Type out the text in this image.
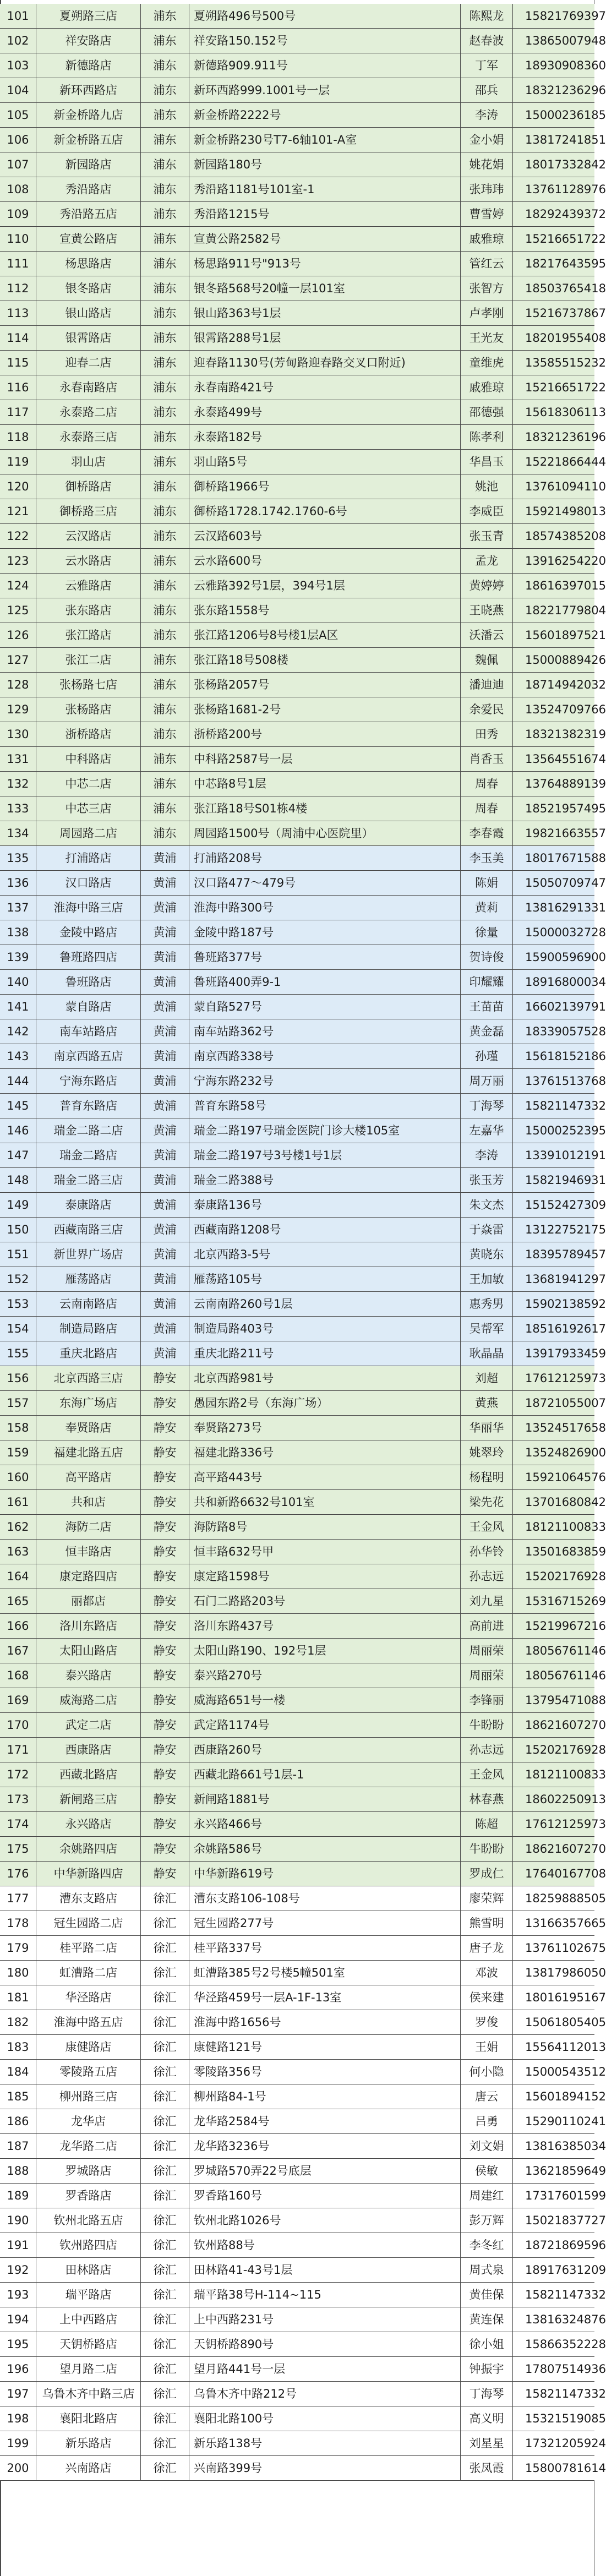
101	夏朔路三店	浦东	夏朔路496号500号	陈熙龙	15821769397
102	祥安路店	浦东	祥安路150.152号	赵春波	13865007948
103	新德路店	浦东	新德路909.911号	丁军	18930908360
104	新环西路店	浦东	新环西路999.1001号一层	邵兵	18321236296
105	新金桥路九店	浦东	新金桥路2222号	李涛	15000236185
106	新金桥路五店	浦东	新金桥路230号T7-6轴101-A室	金小娟	13817241851
107	新园路店	浦东	新园路180号	姚花娟	18017332842
108	秀沿路店	浦东	秀沿路1181号101室-1	张玮玮	13761128976
109	秀沿路五店	浦东	秀沿路1215号	曹雪婷	18292439372
110	宣黄公路店	浦东	宣黄公路2582号	戚雅琼	15216651722
111	杨思路店	浦东	杨思路911号"913号	管红云	18217643595
112	银冬路店	浦东	银冬路568号20幢一层101室	张智方	18503765418
113	银山路店	浦东	银山路363号1层	卢孝刚	15216737867
114	银霄路店	浦东	银霄路288号1层	王光友	18201955408
115	迎春二店	浦东	迎春路1130号(芳甸路迎春路交叉口附近)	童维虎	13585515232
116	永春南路店	浦东	永春南路421号	戚雅琼	15216651722
117	永泰路二店	浦东	永泰路499号	邵德强	15618306113
118	永泰路三店	浦东	永泰路182号	陈孝利	18321236196
119	羽山店	浦东	羽山路5号	华昌玉	15221866444
120	御桥路店	浦东	御桥路1966号	姚池	13761094110
121	御桥路三店	浦东	御桥路1728.1742.1760-6号	李威臣	15921498013
122	云汉路店	浦东	云汉路603号	张玉青	18574385208
123	云水路店	浦东	云水路600号	孟龙	13916254220
124	云雅路店	浦东	云雅路392号1层，394号1层	黄婷婷	18616397015
125	张东路店	浦东	张东路1558号	王晓燕	18221779804
126	张江路店	浦东	张江路1206号8号楼1层A区	沃潘云	15601897521
127	张江二店	浦东	张江路18号508楼	魏佩	15000889426
128	张杨路七店	浦东	张杨路2057号	潘迪迪	18714942032
129	张杨路店	浦东	张杨路1681-2号	余爱民	13524709766
130	浙桥路店	浦东	浙桥路200号	田秀	18321382319
131	中科路店	浦东	中科路2587号一层	肖香玉	13564551674
132	中芯二店	浦东	中芯路8号1层	周春	13764889139
133	中芯三店	浦东	张江路18号S01栋4楼	周春	18521957495
134	周园路二店	浦东	周园路1500号（周浦中心医院里）	李春霞	19821663557
135	打浦路店	黄浦	打浦路208号	李玉美	18017671588
136	汉口路店	黄浦	汉口路477～479号	陈娟	15050709747
137	淮海中路三店	黄浦	淮海中路300号	黄莉	13816291331
138	金陵中路店	黄浦	金陵中路187号	徐量	15000032728
139	鲁班路四店	黄浦	鲁班路377号	贺诗俊	15900596900
140	鲁班路店	黄浦	鲁班路400弄9-1	印耀耀	18916800034
141	蒙自路店	黄浦	蒙自路527号	王苗苗	16602139791
142	南车站路店	黄浦	南车站路362号	黄金磊	18339057528
143	南京西路五店	黄浦	南京西路338号	孙瑾	15618152186
144	宁海东路店	黄浦	宁海东路232号	周万丽	13761513768
145	普育东路店	黄浦	普育东路58号	丁海琴	15821147332
146	瑞金二路二店	黄浦	瑞金二路197号瑞金医院门诊大楼105室	左嘉华	15000252395
147	瑞金二路店	黄浦	瑞金二路197号3号楼1号1层	李涛	13391012191
148	瑞金二路三店	黄浦	瑞金二路388号	张玉芳	15821946931
149	泰康路店	黄浦	泰康路136号	朱文杰	15152427309
150	西藏南路三店	黄浦	西藏南路1208号	于焱雷	13122752175
151	新世界广场店	黄浦	北京西路3-5号	黄晓东	18395789457
152	雁荡路店	黄浦	雁荡路105号	王加敏	13681941297
153	云南南路店	黄浦	云南南路260号1层	惠秀男	15902138592
154	制造局路店	黄浦	制造局路403号	吴帮军	18516192617
155	重庆北路店	黄浦	重庆北路211号	耿晶晶	13917933459
156	北京西路三店	静安	北京西路981号	刘超	17612125973
157	东海广场店	静安	愚园东路2号（东海广场）	黄燕	18721055007
158	奉贤路店	静安	奉贤路273号	华丽华	13524517658
159	福建北路五店	静安	福建北路336号	姚翠玲	13524826900
160	高平路店	静安	高平路443号	杨程明	15921064576
161	共和店	静安	共和新路6632号101室	梁先花	13701680842
162	海防二店	静安	海防路8号	王金风	18121100833
163	恒丰路店	静安	恒丰路632号甲	孙华铃	13501683859
164	康定路四店	静安	康定路1598号	孙志远	15202176928
165	丽都店	静安	石门二路路203号	刘九星	15316715269
166	洛川东路店	静安	洛川东路437号	高前进	15219967216
167	太阳山路店	静安	太阳山路190、192号1层	周丽荣	18056761146
168	泰兴路店	静安	泰兴路270号	周丽荣	18056761146
169	威海路二店	静安	威海路651号一楼	李锋丽	13795471088
170	武定二店	静安	武定路1174号	牛盼盼	18621607270
171	西康路店	静安	西康路260号	孙志远	15202176928
172	西藏北路店	静安	西藏北路661号1层-1	王金风	18121100833
173	新闸路三店	静安	新闸路1881号	林春燕	18602250913
174	永兴路店	静安	永兴路466号	陈超	17612125973
175	余姚路四店	静安	余姚路586号	牛盼盼	18621607270
176	中华新路四店	静安	中华新路619号	罗成仁	17640167708
177	漕东支路店	徐汇	漕东支路106-108号	廖荣辉	18259888505
178	冠生园路二店	徐汇	冠生园路277号	熊雪明	13166357665
179	桂平路二店	徐汇	桂平路337号	唐子龙	13761102675
180	虹漕路二店	徐汇	虹漕路385号2号楼5幢501室	邓波	13817986050
181	华泾路店	徐汇	华泾路459号一层A-1F-13室	侯来建	18016195167
182	淮海中路五店	徐汇	淮海中路1656号	罗俊	15061805405
183	康健路店	徐汇	康健路121号	王娟	15564112013
184	零陵路五店	徐汇	零陵路356号	何小隐	15000543512
185	柳州路三店	徐汇	柳州路84-1号	唐云	15601894152
186	龙华店	徐汇	龙华路2584号	吕勇	15290110241
187	龙华路二店	徐汇	龙华路3236号	刘文娟	13816385034
188	罗城路店	徐汇	罗城路570弄22号底层	侯敏	13621859649
189	罗香路店	徐汇	罗香路160号	周建红	17317601599
190	钦州北路五店	徐汇	钦州北路1026号	彭万辉	15021837727
191	钦州路四店	徐汇	钦州路88号	李冬红	18721869596
192	田林路店	徐汇	田林路41-43号1层	周式泉	18917631209
193	瑞平路店	徐汇	瑞平路38号H-114~115	黄佳保	15821147332
194	上中西路店	徐汇	上中西路231号	黄连保	13816324876
195	天钥桥路店	徐汇	天钥桥路890号	徐小姐	15866352228
196	望月路二店	徐汇	望月路441号一层	钟振宇	17807514936
197	乌鲁木齐中路三店	徐汇	乌鲁木齐中路212号	丁海琴	15821147332
198	襄阳北路店	徐汇	襄阳北路100号	高义明	15321519085
199	新乐路店	徐汇	新乐路138号	刘星星	17321205924
200	兴南路店	徐汇	兴南路399号	张凤霞	15800781614
